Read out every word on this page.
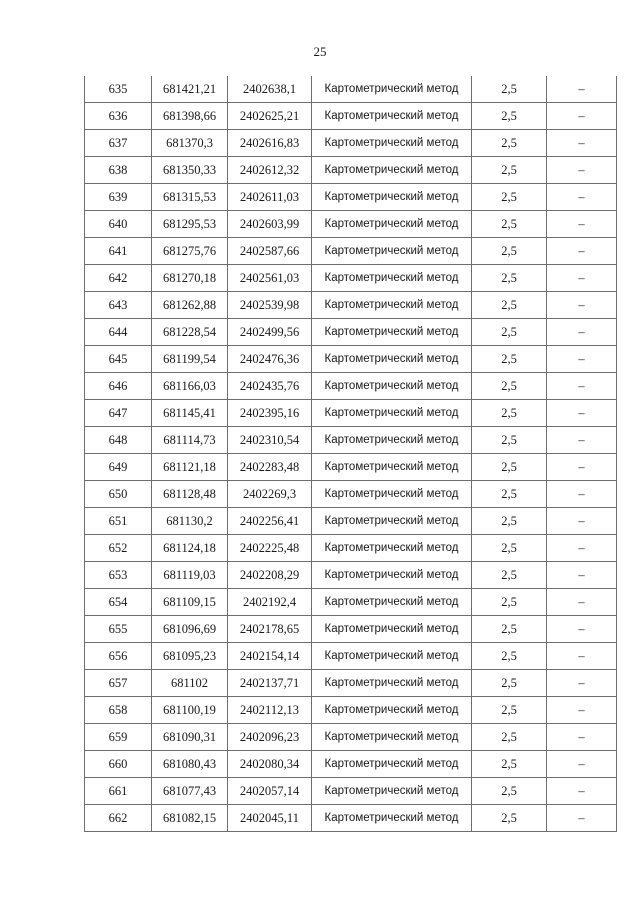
25
635	681421,21	2402638,1	Картометрический метод	2,5	–
636	681398,66	2402625,21	Картометрический метод	2,5	–
637	681370,3	2402616,83	Картометрический метод	2,5	–
638	681350,33	2402612,32	Картометрический метод	2,5	–
639	681315,53	2402611,03	Картометрический метод	2,5	–
640	681295,53	2402603,99	Картометрический метод	2,5	–
641	681275,76	2402587,66	Картометрический метод	2,5	–
642	681270,18	2402561,03	Картометрический метод	2,5	–
643	681262,88	2402539,98	Картометрический метод	2,5	–
644	681228,54	2402499,56	Картометрический метод	2,5	–
645	681199,54	2402476,36	Картометрический метод	2,5	–
646	681166,03	2402435,76	Картометрический метод	2,5	–
647	681145,41	2402395,16	Картометрический метод	2,5	–
648	681114,73	2402310,54	Картометрический метод	2,5	–
649	681121,18	2402283,48	Картометрический метод	2,5	–
650	681128,48	2402269,3	Картометрический метод	2,5	–
651	681130,2	2402256,41	Картометрический метод	2,5	–
652	681124,18	2402225,48	Картометрический метод	2,5	–
653	681119,03	2402208,29	Картометрический метод	2,5	–
654	681109,15	2402192,4	Картометрический метод	2,5	–
655	681096,69	2402178,65	Картометрический метод	2,5	–
656	681095,23	2402154,14	Картометрический метод	2,5	–
657	681102	2402137,71	Картометрический метод	2,5	–
658	681100,19	2402112,13	Картометрический метод	2,5	–
659	681090,31	2402096,23	Картометрический метод	2,5	–
660	681080,43	2402080,34	Картометрический метод	2,5	–
661	681077,43	2402057,14	Картометрический метод	2,5	–
662	681082,15	2402045,11	Картометрический метод	2,5	–
